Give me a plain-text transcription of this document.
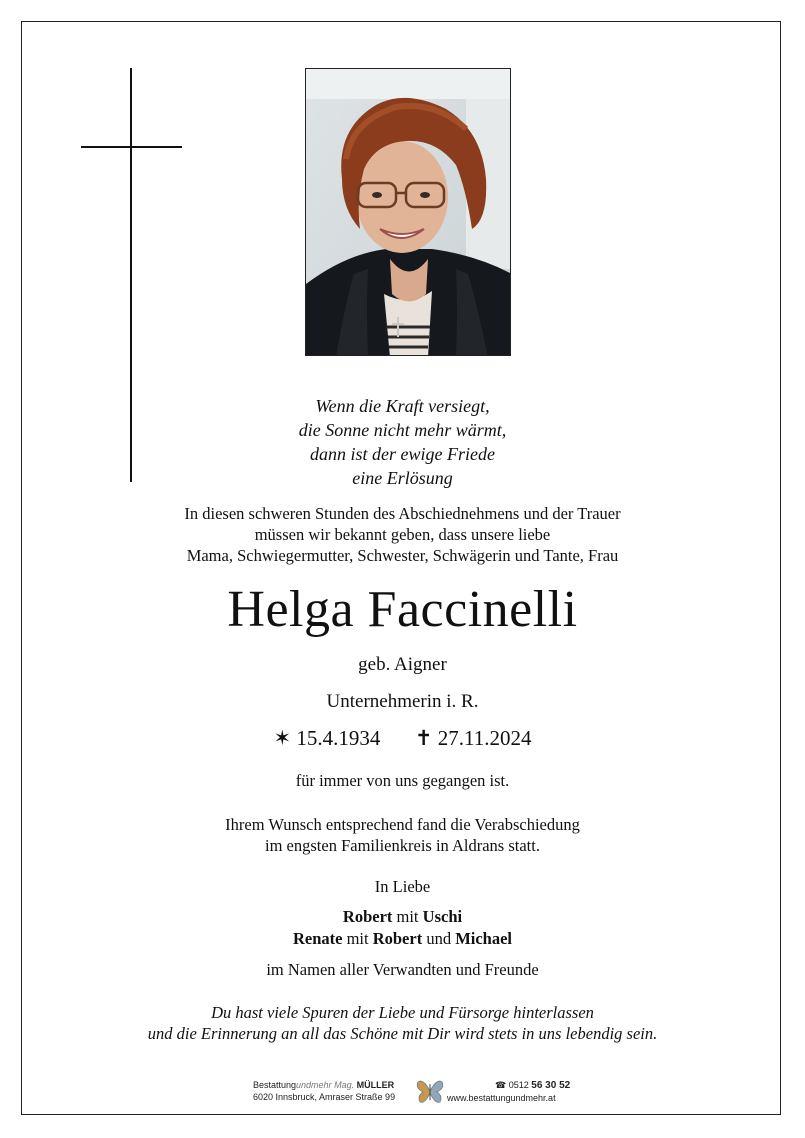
Wenn die Kraft versiegt,
die Sonne nicht mehr wärmt,
dann ist der ewige Friede
eine Erlösung
In diesen schweren Stunden des Abschiednehmens und der Trauer
müssen wir bekannt geben, dass unsere liebe
Mama, Schwiegermutter, Schwester, Schwägerin und Tante, Frau
Helga Faccinelli
geb. Aigner
Unternehmerin i. R.
✶ 15.4.1934 ✝ 27.11.2024
für immer von uns gegangen ist.
Ihrem Wunsch entsprechend fand die Verabschiedung
im engsten Familienkreis in Aldrans statt.
In Liebe
Robert mit Uschi
Renate mit Robert und Michael
im Namen aller Verwandten und Freunde
Du hast viele Spuren der Liebe und Fürsorge hinterlassen
und die Erinnerung an all das Schöne mit Dir wird stets in uns lebendig sein.
Bestattungundmehr Mag. MÜLLER
6020 Innsbruck, Amraser Straße 99
☎ 0512 56 30 52
www.bestattungundmehr.at
